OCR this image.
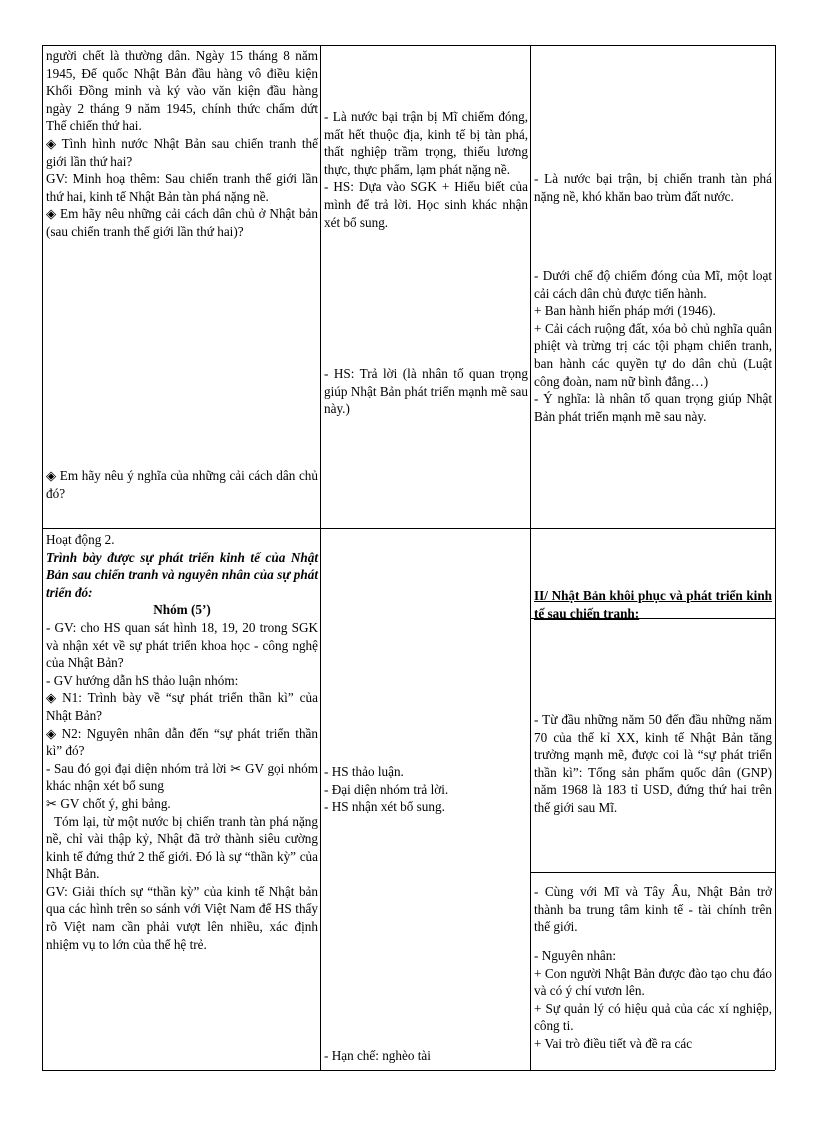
người chết là thường dân. Ngày 15 tháng 8 năm 1945, Đế quốc Nhật Bản đầu hàng vô điều kiện Khối Đồng minh và ký vào văn kiện đầu hàng ngày 2 tháng 9 năm 1945, chính thức chấm dứt Thế chiến thứ hai.

◈ Tình hình nước Nhật Bản sau chiến tranh thế giới lần thứ hai?

GV: Minh hoạ thêm: Sau chiến tranh thế giới lần thứ hai, kinh tế Nhật Bản tàn phá nặng nề.

◈ Em hãy nêu những cải cách dân chủ ở Nhật bản (sau chiến tranh thế giới lần thứ hai)?

◈ Em hãy nêu ý nghĩa của những cải cách dân chủ đó?

- Là nước bại trận bị Mĩ chiếm đóng, mất hết thuộc địa, kinh tế bị tàn phá, thất nghiệp trầm trọng, thiếu lương thực, thực phẩm, lạm phát nặng nề.

- HS: Dựa vào SGK + Hiểu biết của mình để trả lời. Học sinh khác nhận xét bổ sung.

- HS: Trả lời (là nhân tố quan trọng giúp Nhật Bản phát triển mạnh mẽ sau này.)

- Là nước bại trận, bị chiến tranh tàn phá nặng nề, khó khăn bao trùm đất nước.

- Dưới chế độ chiếm đóng của Mĩ, một loạt cải cách dân chủ được tiến hành.

+ Ban hành hiến pháp mới (1946).

+ Cải cách ruộng đất, xóa bỏ chủ nghĩa quân phiệt và trừng trị các tội phạm chiến tranh, ban hành các quyền tự do dân chủ (Luật công đoàn, nam nữ bình đẳng…)

- Ý nghĩa: là nhân tố quan trọng giúp Nhật Bản phát triển mạnh mẽ sau này.

Hoạt động 2.

Trình bày được sự phát triển kinh tế của Nhật Bản sau chiến tranh và nguyên nhân của sự phát triển đó:

Nhóm (5’)

- GV: cho HS quan sát hình 18, 19, 20 trong SGK và nhận xét về sự phát triển khoa học - công nghệ của Nhật Bản?

- GV hướng dẫn hS thảo luận nhóm:

◈ N1: Trình bày về “sự phát triển thần kì” của Nhật Bản?

◈ N2: Nguyên nhân dẫn đến “sự phát triển thần kì” đó?

- Sau đó gọi đại diện nhóm trả lời ✂ GV gọi nhóm khác nhận xét bổ sung

✂ GV chốt ý, ghi bảng.

Tóm lại, từ một nước bị chiến tranh tàn phá nặng nề, chỉ vài thập kỷ, Nhật đã trở thành siêu cường kinh tế đứng thứ 2 thế giới. Đó là sự “thần kỳ” của Nhật Bản.

GV: Giải thích sự “thần kỳ” của kinh tế Nhật bản qua các hình trên so sánh với Việt Nam để HS thấy rõ Việt nam cần phải vượt lên nhiều, xác định nhiệm vụ to lớn của thế hệ trẻ.

- HS thảo luận.

- Đại diện nhóm trả lời.

- HS nhận xét bổ sung.

- Hạn chế: nghèo tài

II/ Nhật Bản khôi phục và phát triển kinh tế sau chiến tranh:

- Từ đầu những năm 50 đến đầu những năm 70 của thế kỉ XX, kinh tế Nhật Bản tăng trưởng mạnh mẽ, được coi là “sự phát triển thần kì”: Tổng sản phẩm quốc dân (GNP) năm 1968 là 183 tỉ USD, đứng thứ hai trên thế giới sau Mĩ.

- Cùng với Mĩ và Tây Âu, Nhật Bản trở thành ba trung tâm kinh tế - tài chính trên thế giới.

- Nguyên nhân:

+ Con người Nhật Bản được đào tạo chu đáo và có ý chí vươn lên.

+ Sự quản lý có hiệu quả của các xí nghiệp, công ti.

+ Vai trò điều tiết và đề ra các
